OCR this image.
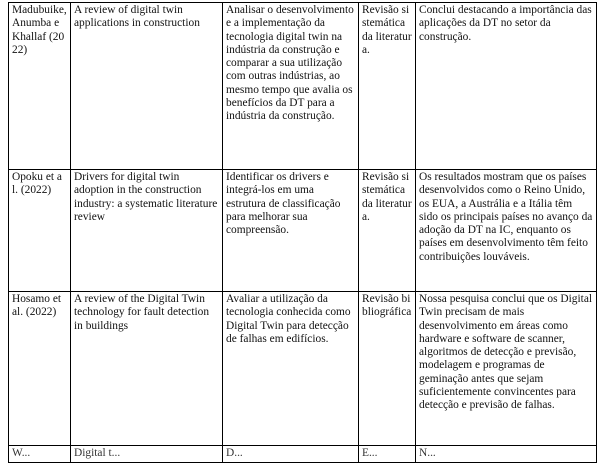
Madubuike, Anumba e Khallaf (2022)	A review of digital twin applications in construction	Analisar o desenvolvimento e a implementação da tecnologia digital twin na indústria da construção e comparar a sua utilização com outras indústrias, ao mesmo tempo que avalia os benefícios da DT para a indústria da construção.	Revisão sistemática da literatura.	Conclui destacando a importância das aplicações da DT no setor da construção.
Opoku et al. (2022)	Drivers for digital twin adoption in the construction industry: a systematic literature review	Identificar os drivers e integrá-los em uma estrutura de classificação para melhorar sua compreensão.	Revisão sistemática da literatura.	Os resultados mostram que os países desenvolvidos como o Reino Unido, os EUA, a Austrália e a Itália têm sido os principais países no avanço da adoção da DT na IC, enquanto os países em desenvolvimento têm feito contribuições louváveis.
Hosamo et al. (2022)	A review of the Digital Twin technology for fault detection in buildings	Avaliar a utilização da tecnologia conhecida como Digital Twin para detecção de falhas em edifícios.	Revisão bibliográfica	Nossa pesquisa conclui que os Digital Twin precisam de mais desenvolvimento em áreas como hardware e software de scanner, algoritmos de detecção e previsão, modelagem e programas de geminação antes que sejam suficientemente convincentes para detecção e previsão de falhas.
W...	Digital t...	D...	E...	N...
